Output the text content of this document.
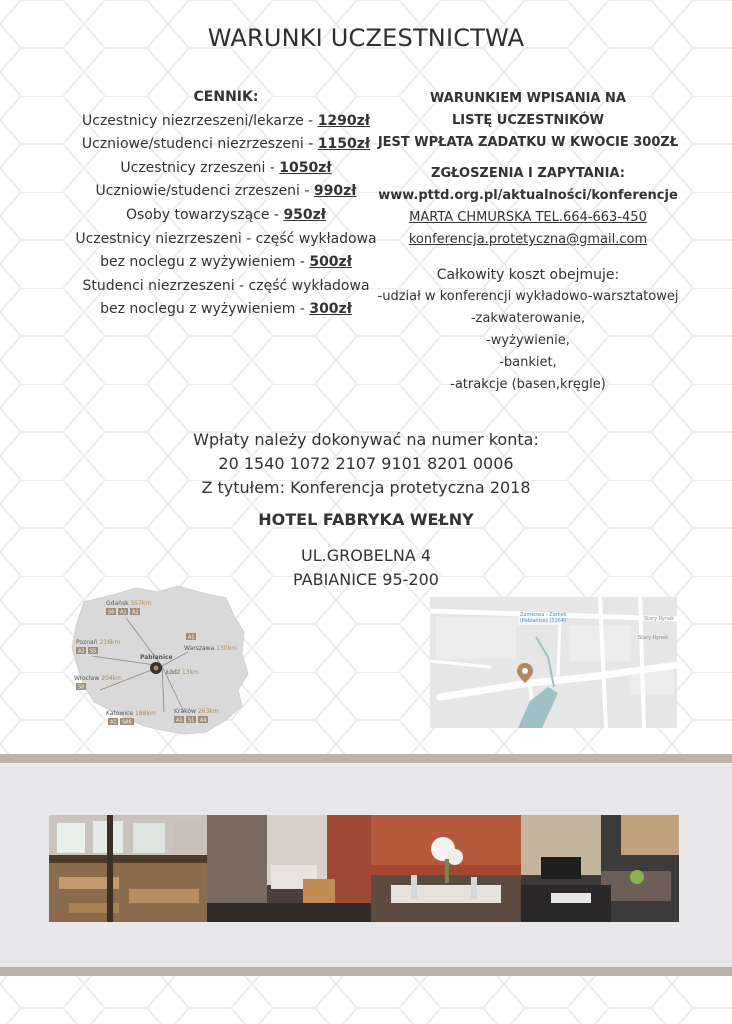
WARUNKI UCZESTNICTWA
CENNIK:
Uczestnicy niezrzeszeni/lekarze - 1290zł
Uczniowe/studenci niezrzeszeni - 1150zł
Uczestnicy zrzeszeni - 1050zł
Uczniowie/studenci zrzeszeni - 990zł
Osoby towarzyszące - 950zł
Uczestnicy niezrzeszeni - część wykładowa
bez noclegu z wyżywieniem - 500zł
Studenci niezrzeszeni - część wykładowa
bez noclegu z wyżywieniem - 300zł
WARUNKIEM WPISANIA NA
LISTĘ UCZESTNIKÓW
JEST WPŁATA ZADATKU W KWOCIE 300ZŁ
ZGŁOSZENIA I ZAPYTANIA:
www.pttd.org.pl/aktualności/konferencje
MARTA CHMURSKA TEL.664-663-450
konferencja.protetyczna@gmail.com
Całkowity koszt obejmuje:
-udział w konferencji wykładowo-warsztatowej
-zakwaterowanie,
-wyżywienie,
-bankiet,
-atrakcje (basen,kręgle)
Wpłaty należy dokonywać na numer konta:
20 1540 1072 2107 9101 8201 0006
Z tytułem: Konferencja protetyczna 2018
HOTEL FABRYKA WEŁNY
UL.GROBELNA 4
PABIANICE 95-200
Gdańsk 357km
S6 A1 A2
Poznań 216km
A2 S5
A1
Warszawa 130km
Pabianice
Łódź 13km
Wrocław 204km
S8
Katowice 188km
A1 S86
Kraków 263km
A1 S1 A4
Zamkowa - Zamek
(Pabianice) (3164)	Stary Rynek
Stary Rynek
